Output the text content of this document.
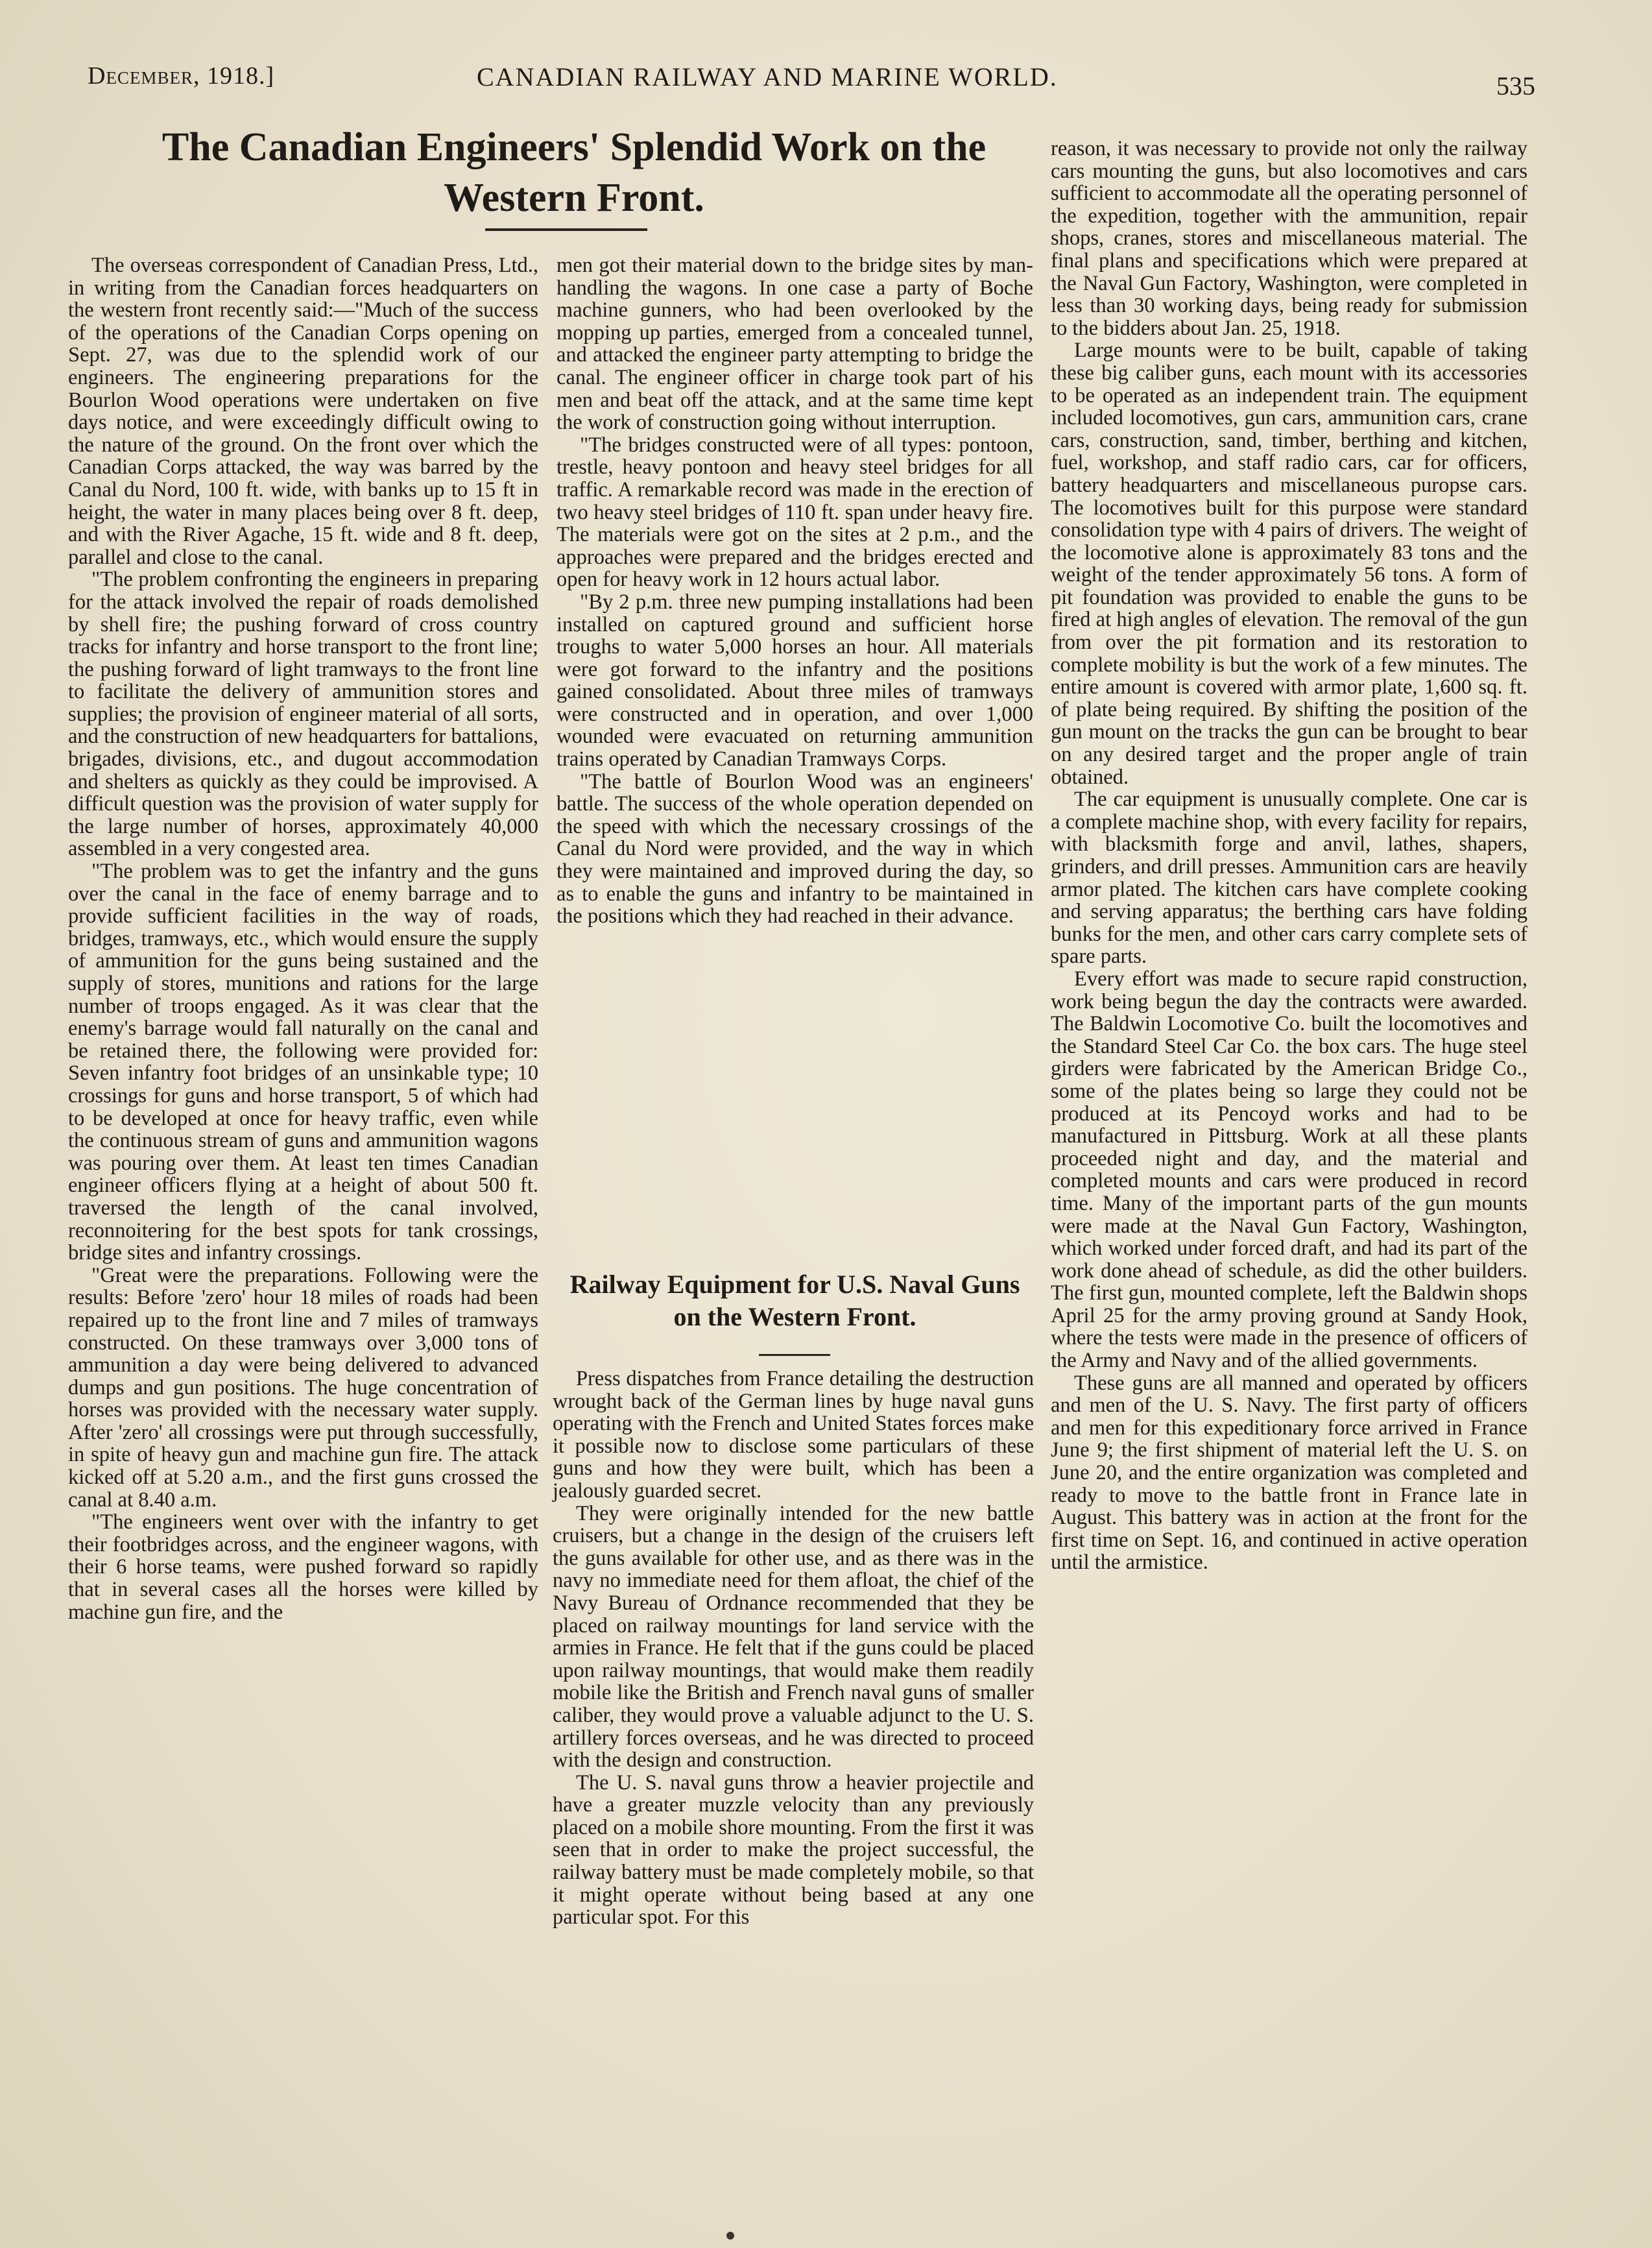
December, 1918.]	CANADIAN RAILWAY AND MARINE WORLD.	535
The Canadian Engineers' Splendid Work on the Western Front.

The overseas correspondent of Canadian Press, Ltd., in writing from the Canadian forces headquarters on the western front recently said:—"Much of the success of the operations of the Canadian Corps opening on Sept. 27, was due to the splendid work of our engineers. The engineering preparations for the Bourlon Wood operations were undertaken on five days notice, and were exceedingly difficult owing to the nature of the ground. On the front over which the Canadian Corps attacked, the way was barred by the Canal du Nord, 100 ft. wide, with banks up to 15 ft in height, the water in many places being over 8 ft. deep, and with the River Agache, 15 ft. wide and 8 ft. deep, parallel and close to the canal.

"The problem confronting the engineers in preparing for the attack involved the repair of roads demolished by shell fire; the pushing forward of cross country tracks for infantry and horse transport to the front line; the pushing forward of light tramways to the front line to facilitate the delivery of ammunition stores and supplies; the provision of engineer material of all sorts, and the construction of new headquarters for battalions, brigades, divisions, etc., and dugout accommodation and shelters as quickly as they could be improvised. A difficult question was the provision of water supply for the large number of horses, approximately 40,000 assembled in a very congested area.

"The problem was to get the infantry and the guns over the canal in the face of enemy barrage and to provide sufficient facilities in the way of roads, bridges, tramways, etc., which would ensure the supply of ammunition for the guns being sustained and the supply of stores, munitions and rations for the large number of troops engaged. As it was clear that the enemy's barrage would fall naturally on the canal and be retained there, the following were provided for: Seven infantry foot bridges of an unsinkable type; 10 crossings for guns and horse transport, 5 of which had to be developed at once for heavy traffic, even while the continuous stream of guns and ammunition wagons was pouring over them. At least ten times Canadian engineer officers flying at a height of about 500 ft. traversed the length of the canal involved, reconnoitering for the best spots for tank crossings, bridge sites and infantry crossings.

"Great were the preparations. Following were the results: Before 'zero' hour 18 miles of roads had been repaired up to the front line and 7 miles of tramways constructed. On these tramways over 3,000 tons of ammunition a day were being delivered to advanced dumps and gun positions. The huge concentration of horses was provided with the necessary water supply. After 'zero' all crossings were put through successfully, in spite of heavy gun and machine gun fire. The attack kicked off at 5.20 a.m., and the first guns crossed the canal at 8.40 a.m.

"The engineers went over with the infantry to get their footbridges across, and the engineer wagons, with their 6 horse teams, were pushed forward so rapidly that in several cases all the horses were killed by machine gun fire, and the

men got their material down to the bridge sites by man-handling the wagons. In one case a party of Boche machine gunners, who had been overlooked by the mopping up parties, emerged from a concealed tunnel, and attacked the engineer party attempting to bridge the canal. The engineer officer in charge took part of his men and beat off the attack, and at the same time kept the work of construction going without interruption.

"The bridges constructed were of all types: pontoon, trestle, heavy pontoon and heavy steel bridges for all traffic. A remarkable record was made in the erection of two heavy steel bridges of 110 ft. span under heavy fire. The materials were got on the sites at 2 p.m., and the approaches were prepared and the bridges erected and open for heavy work in 12 hours actual labor.

"By 2 p.m. three new pumping installations had been installed on captured ground and sufficient horse troughs to water 5,000 horses an hour. All materials were got forward to the infantry and the positions gained consolidated. About three miles of tramways were constructed and in operation, and over 1,000 wounded were evacuated on returning ammunition trains operated by Canadian Tramways Corps.

"The battle of Bourlon Wood was an engineers' battle. The success of the whole operation depended on the speed with which the necessary crossings of the Canal du Nord were provided, and the way in which they were maintained and improved during the day, so as to enable the guns and infantry to be maintained in the positions which they had reached in their advance.

Railway Equipment for U.S. Naval Guns on the Western Front.

Press dispatches from France detailing the destruction wrought back of the German lines by huge naval guns operating with the French and United States forces make it possible now to disclose some particulars of these guns and how they were built, which has been a jealously guarded secret.

They were originally intended for the new battle cruisers, but a change in the design of the cruisers left the guns available for other use, and as there was in the navy no immediate need for them afloat, the chief of the Navy Bureau of Ordnance recommended that they be placed on railway mountings for land service with the armies in France. He felt that if the guns could be placed upon railway mountings, that would make them readily mobile like the British and French naval guns of smaller caliber, they would prove a valuable adjunct to the U. S. artillery forces overseas, and he was directed to proceed with the design and construction.

The U. S. naval guns throw a heavier projectile and have a greater muzzle velocity than any previously placed on a mobile shore mounting. From the first it was seen that in order to make the project successful, the railway battery must be made completely mobile, so that it might operate without being based at any one particular spot. For this

reason, it was necessary to provide not only the railway cars mounting the guns, but also locomotives and cars sufficient to accommodate all the operating personnel of the expedition, together with the ammunition, repair shops, cranes, stores and miscellaneous material. The final plans and specifications which were prepared at the Naval Gun Factory, Washington, were completed in less than 30 working days, being ready for submission to the bidders about Jan. 25, 1918.

Large mounts were to be built, capable of taking these big caliber guns, each mount with its accessories to be operated as an independent train. The equipment included locomotives, gun cars, ammunition cars, crane cars, construction, sand, timber, berthing and kitchen, fuel, workshop, and staff radio cars, car for officers, battery headquarters and miscellaneous puropse cars. The locomotives built for this purpose were standard consolidation type with 4 pairs of drivers. The weight of the locomotive alone is approximately 83 tons and the weight of the tender approximately 56 tons. A form of pit foundation was provided to enable the guns to be fired at high angles of elevation. The removal of the gun from over the pit formation and its restoration to complete mobility is but the work of a few minutes. The entire amount is covered with armor plate, 1,600 sq. ft. of plate being required. By shifting the position of the gun mount on the tracks the gun can be brought to bear on any desired target and the proper angle of train obtained.

The car equipment is unusually complete. One car is a complete machine shop, with every facility for repairs, with blacksmith forge and anvil, lathes, shapers, grinders, and drill presses. Ammunition cars are heavily armor plated. The kitchen cars have complete cooking and serving apparatus; the berthing cars have folding bunks for the men, and other cars carry complete sets of spare parts.

Every effort was made to secure rapid construction, work being begun the day the contracts were awarded. The Baldwin Locomotive Co. built the locomotives and the Standard Steel Car Co. the box cars. The huge steel girders were fabricated by the American Bridge Co., some of the plates being so large they could not be produced at its Pencoyd works and had to be manufactured in Pittsburg. Work at all these plants proceeded night and day, and the material and completed mounts and cars were produced in record time. Many of the important parts of the gun mounts were made at the Naval Gun Factory, Washington, which worked under forced draft, and had its part of the work done ahead of schedule, as did the other builders. The first gun, mounted complete, left the Baldwin shops April 25 for the army proving ground at Sandy Hook, where the tests were made in the presence of officers of the Army and Navy and of the allied governments.

These guns are all manned and operated by officers and men of the U. S. Navy. The first party of officers and men for this expeditionary force arrived in France June 9; the first shipment of material left the U. S. on June 20, and the entire organization was completed and ready to move to the battle front in France late in August. This battery was in action at the front for the first time on Sept. 16, and continued in active operation until the armistice.
